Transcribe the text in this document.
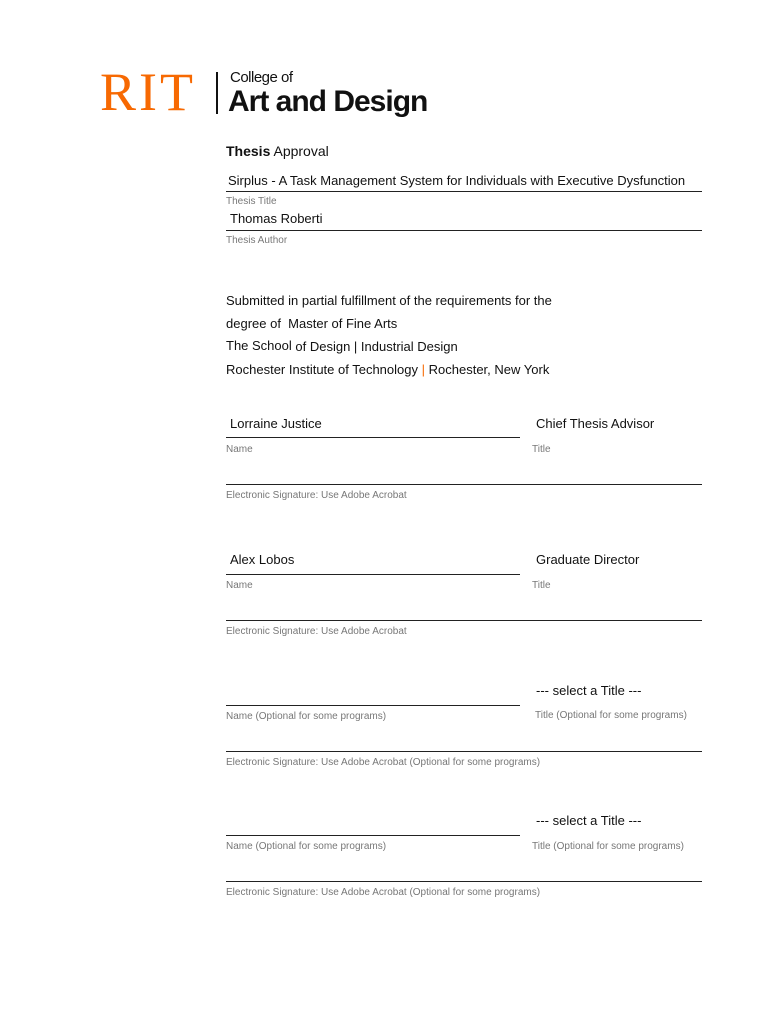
RIT College of
Art and Design
Thesis Approval
Sirplus - A Task Management System for Individuals with Executive Dysfunction
Thesis Title
Thomas Roberti
Thesis Author
Submitted in partial fulfillment of the requirements for the
degree of Master of Fine Arts
The School of Design | Industrial Design
Rochester Institute of Technology | Rochester, New York
Lorraine Justice
Name
Chief Thesis Advisor
Title
Electronic Signature: Use Adobe Acrobat
Alex Lobos
Name
Graduate Director
Title
Electronic Signature: Use Adobe Acrobat
Name (Optional for some programs)
--- select a Title ---
Title (Optional for some programs)
Electronic Signature: Use Adobe Acrobat (Optional for some programs)
Name (Optional for some programs)
--- select a Title ---
Title (Optional for some programs)
Electronic Signature: Use Adobe Acrobat (Optional for some programs)
